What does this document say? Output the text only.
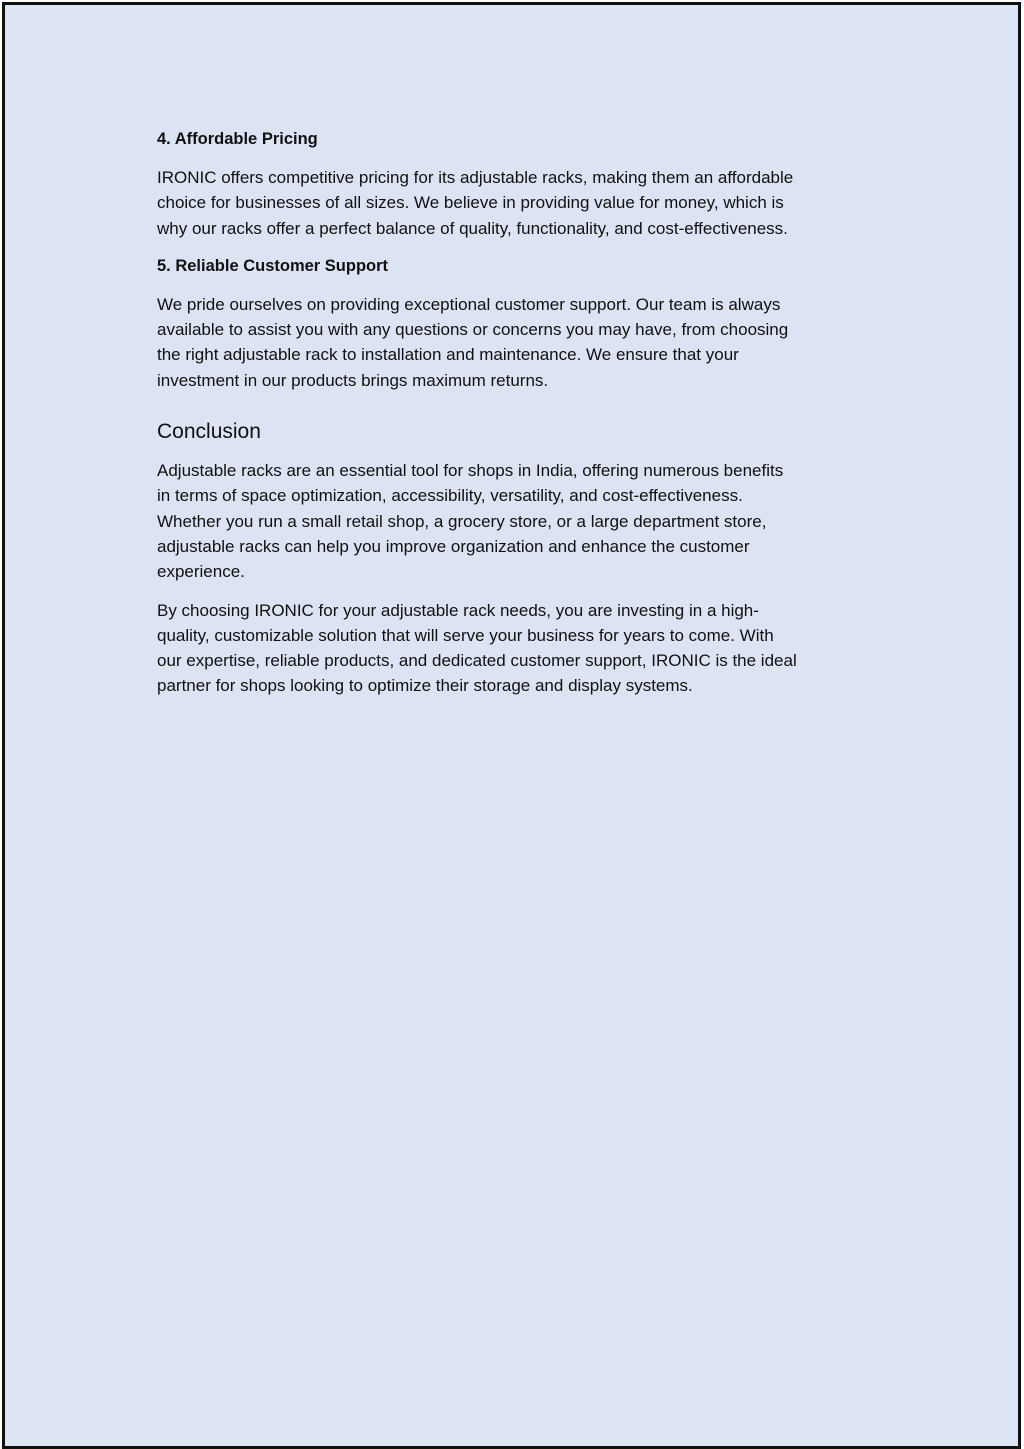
4. Affordable Pricing

IRONIC offers competitive pricing for its adjustable racks, making them an affordable
choice for businesses of all sizes. We believe in providing value for money, which is
why our racks offer a perfect balance of quality, functionality, and cost-effectiveness.

5. Reliable Customer Support

We pride ourselves on providing exceptional customer support. Our team is always
available to assist you with any questions or concerns you may have, from choosing
the right adjustable rack to installation and maintenance. We ensure that your
investment in our products brings maximum returns.

Conclusion

Adjustable racks are an essential tool for shops in India, offering numerous benefits
in terms of space optimization, accessibility, versatility, and cost-effectiveness.
Whether you run a small retail shop, a grocery store, or a large department store,
adjustable racks can help you improve organization and enhance the customer
experience.

By choosing IRONIC for your adjustable rack needs, you are investing in a high-
quality, customizable solution that will serve your business for years to come. With
our expertise, reliable products, and dedicated customer support, IRONIC is the ideal
partner for shops looking to optimize their storage and display systems.
